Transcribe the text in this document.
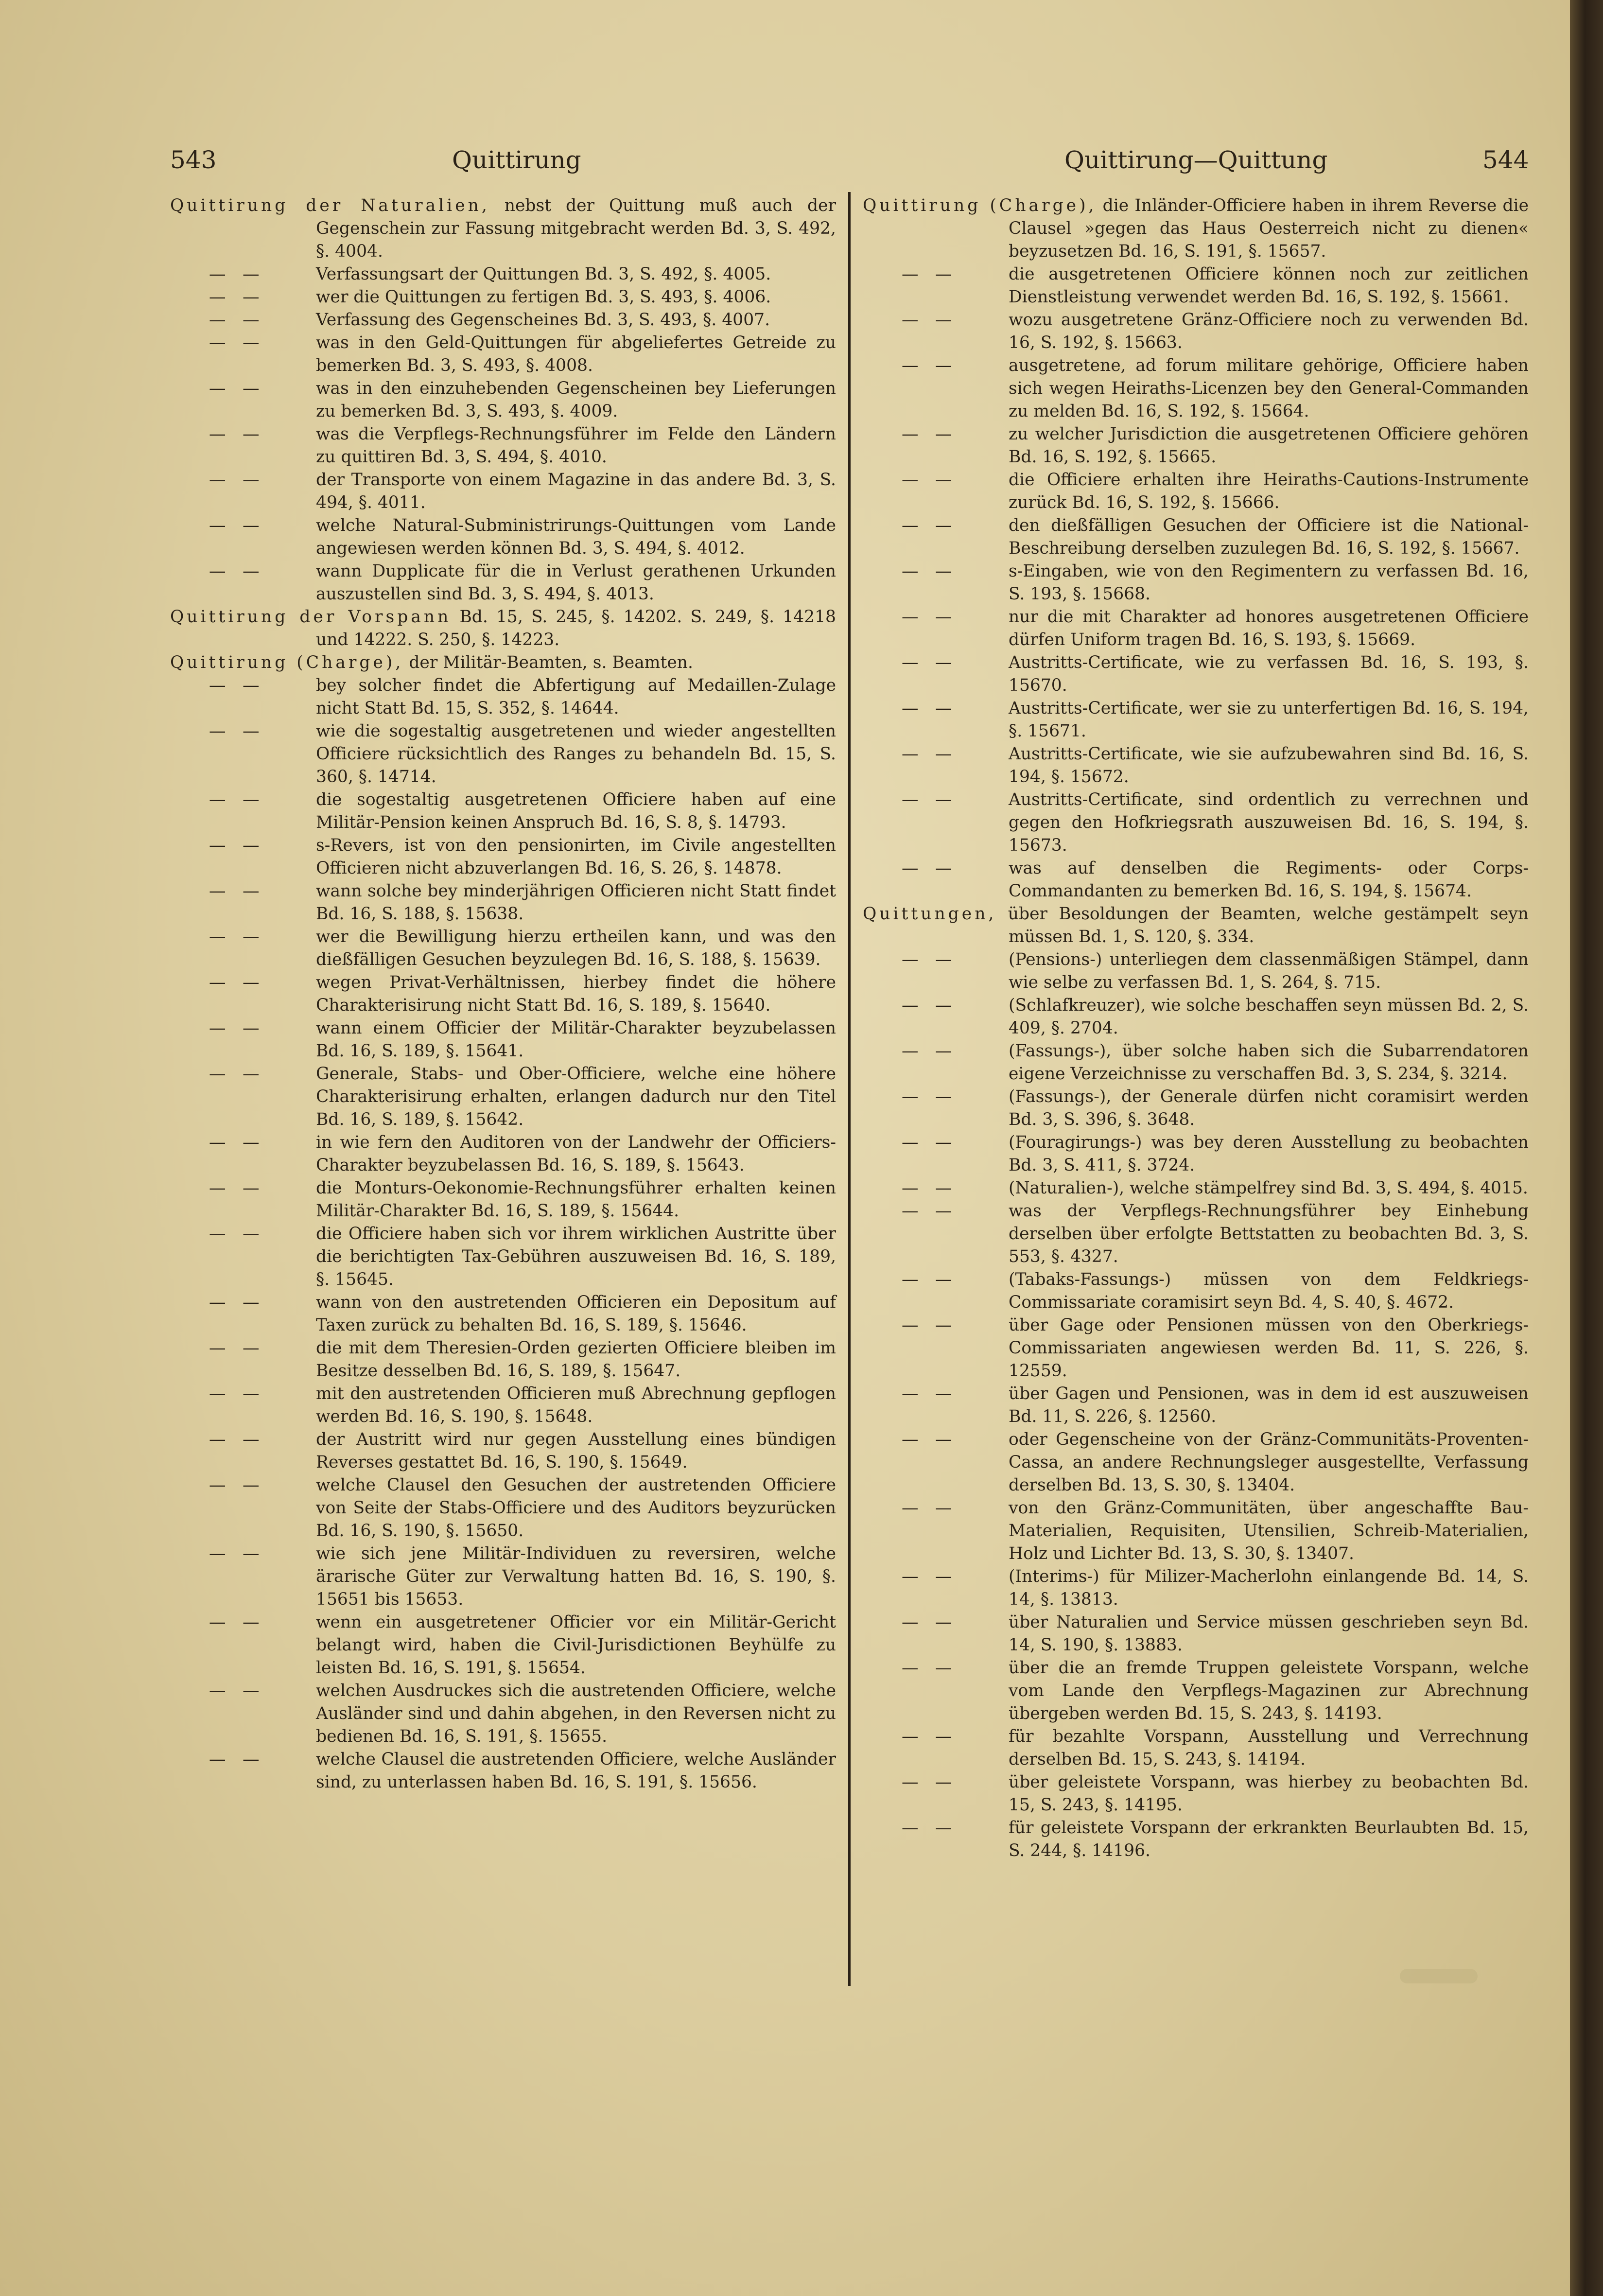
543	Quittirung	Quittirung—Quittung	544

Quittirung der Naturalien, nebst der Quittung muß auch der Gegenschein zur Fassung mitgebracht werden Bd. 3, S. 492, §. 4004.

— — Verfassungsart der Quittungen Bd. 3, S. 492, §. 4005.

— — wer die Quittungen zu fertigen Bd. 3, S. 493, §. 4006.

— — Verfassung des Gegenscheines Bd. 3, S. 493, §. 4007.

— — was in den Geld-Quittungen für abgeliefertes Getreide zu bemerken Bd. 3, S. 493, §. 4008.

— — was in den einzuhebenden Gegenscheinen bey Lieferungen zu bemerken Bd. 3, S. 493, §. 4009.

— — was die Verpflegs-Rechnungsführer im Felde den Ländern zu quittiren Bd. 3, S. 494, §. 4010.

— — der Transporte von einem Magazine in das andere Bd. 3, S. 494, §. 4011.

— — welche Natural-Subministrirungs-Quittungen vom Lande angewiesen werden können Bd. 3, S. 494, §. 4012.

— — wann Dupplicate für die in Verlust gerathenen Urkunden auszustellen sind Bd. 3, S. 494, §. 4013.

Quittirung der Vorspann Bd. 15, S. 245, §. 14202. S. 249, §. 14218 und 14222. S. 250, §. 14223.

Quittirung (Charge), der Militär-Beamten, s. Beamten.

— — bey solcher findet die Abfertigung auf Medaillen-Zulage nicht Statt Bd. 15, S. 352, §. 14644.

— — wie die sogestaltig ausgetretenen und wieder angestellten Officiere rücksichtlich des Ranges zu behandeln Bd. 15, S. 360, §. 14714.

— — die sogestaltig ausgetretenen Officiere haben auf eine Militär-Pension keinen Anspruch Bd. 16, S. 8, §. 14793.

— — s-Revers, ist von den pensionirten, im Civile angestellten Officieren nicht abzuverlangen Bd. 16, S. 26, §. 14878.

— — wann solche bey minderjährigen Officieren nicht Statt findet Bd. 16, S. 188, §. 15638.

— — wer die Bewilligung hierzu ertheilen kann, und was den dießfälligen Gesuchen beyzulegen Bd. 16, S. 188, §. 15639.

— — wegen Privat-Verhältnissen, hierbey findet die höhere Charakterisirung nicht Statt Bd. 16, S. 189, §. 15640.

— — wann einem Officier der Militär-Charakter beyzubelassen Bd. 16, S. 189, §. 15641.

— — Generale, Stabs- und Ober-Officiere, welche eine höhere Charakterisirung erhalten, erlangen dadurch nur den Titel Bd. 16, S. 189, §. 15642.

— — in wie fern den Auditoren von der Landwehr der Officiers-Charakter beyzubelassen Bd. 16, S. 189, §. 15643.

— — die Monturs-Oekonomie-Rechnungsführer erhalten keinen Militär-Charakter Bd. 16, S. 189, §. 15644.

— — die Officiere haben sich vor ihrem wirklichen Austritte über die berichtigten Tax-Gebühren auszuweisen Bd. 16, S. 189, §. 15645.

— — wann von den austretenden Officieren ein Depositum auf Taxen zurück zu behalten Bd. 16, S. 189, §. 15646.

— — die mit dem Theresien-Orden gezierten Officiere bleiben im Besitze desselben Bd. 16, S. 189, §. 15647.

— — mit den austretenden Officieren muß Abrechnung gepflogen werden Bd. 16, S. 190, §. 15648.

— — der Austritt wird nur gegen Ausstellung eines bündigen Reverses gestattet Bd. 16, S. 190, §. 15649.

— — welche Clausel den Gesuchen der austretenden Officiere von Seite der Stabs-Officiere und des Auditors beyzurücken Bd. 16, S. 190, §. 15650.

— — wie sich jene Militär-Individuen zu reversiren, welche ärarische Güter zur Verwaltung hatten Bd. 16, S. 190, §. 15651 bis 15653.

— — wenn ein ausgetretener Officier vor ein Militär-Gericht belangt wird, haben die Civil-Jurisdictionen Beyhülfe zu leisten Bd. 16, S. 191, §. 15654.

— — welchen Ausdruckes sich die austretenden Officiere, welche Ausländer sind und dahin abgehen, in den Reversen nicht zu bedienen Bd. 16, S. 191, §. 15655.

— — welche Clausel die austretenden Officiere, welche Ausländer sind, zu unterlassen haben Bd. 16, S. 191, §. 15656.

Quittirung (Charge), die Inländer-Officiere haben in ihrem Reverse die Clausel »gegen das Haus Oesterreich nicht zu dienen« beyzusetzen Bd. 16, S. 191, §. 15657.

— — die ausgetretenen Officiere können noch zur zeitlichen Dienstleistung verwendet werden Bd. 16, S. 192, §. 15661.

— — wozu ausgetretene Gränz-Officiere noch zu verwenden Bd. 16, S. 192, §. 15663.

— — ausgetretene, ad forum militare gehörige, Officiere haben sich wegen Heiraths-Licenzen bey den General-Commanden zu melden Bd. 16, S. 192, §. 15664.

— — zu welcher Jurisdiction die ausgetretenen Officiere gehören Bd. 16, S. 192, §. 15665.

— — die Officiere erhalten ihre Heiraths-Cautions-Instrumente zurück Bd. 16, S. 192, §. 15666.

— — den dießfälligen Gesuchen der Officiere ist die National-Beschreibung derselben zuzulegen Bd. 16, S. 192, §. 15667.

— — s-Eingaben, wie von den Regimentern zu verfassen Bd. 16, S. 193, §. 15668.

— — nur die mit Charakter ad honores ausgetretenen Officiere dürfen Uniform tragen Bd. 16, S. 193, §. 15669.

— — Austritts-Certificate, wie zu verfassen Bd. 16, S. 193, §. 15670.

— — Austritts-Certificate, wer sie zu unterfertigen Bd. 16, S. 194, §. 15671.

— — Austritts-Certificate, wie sie aufzubewahren sind Bd. 16, S. 194, §. 15672.

— — Austritts-Certificate, sind ordentlich zu verrechnen und gegen den Hofkriegsrath auszuweisen Bd. 16, S. 194, §. 15673.

— — was auf denselben die Regiments- oder Corps-Commandanten zu bemerken Bd. 16, S. 194, §. 15674.

Quittungen, über Besoldungen der Beamten, welche gestämpelt seyn müssen Bd. 1, S. 120, §. 334.

— — (Pensions-) unterliegen dem classenmäßigen Stämpel, dann wie selbe zu verfassen Bd. 1, S. 264, §. 715.

— — (Schlafkreuzer), wie solche beschaffen seyn müssen Bd. 2, S. 409, §. 2704.

— — (Fassungs-), über solche haben sich die Subarrendatoren eigene Verzeichnisse zu verschaffen Bd. 3, S. 234, §. 3214.

— — (Fassungs-), der Generale dürfen nicht coramisirt werden Bd. 3, S. 396, §. 3648.

— — (Fouragirungs-) was bey deren Ausstellung zu beobachten Bd. 3, S. 411, §. 3724.

— — (Naturalien-), welche stämpelfrey sind Bd. 3, S. 494, §. 4015.

— — was der Verpflegs-Rechnungsführer bey Einhebung derselben über erfolgte Bettstatten zu beobachten Bd. 3, S. 553, §. 4327.

— — (Tabaks-Fassungs-) müssen von dem Feldkriegs-Commissariate coramisirt seyn Bd. 4, S. 40, §. 4672.

— — über Gage oder Pensionen müssen von den Oberkriegs-Commissariaten angewiesen werden Bd. 11, S. 226, §. 12559.

— — über Gagen und Pensionen, was in dem id est auszuweisen Bd. 11, S. 226, §. 12560.

— — oder Gegenscheine von der Gränz-Communitäts-Proventen-Cassa, an andere Rechnungsleger ausgestellte, Verfassung derselben Bd. 13, S. 30, §. 13404.

— — von den Gränz-Communitäten, über angeschaffte Bau-Materialien, Requisiten, Utensilien, Schreib-Materialien, Holz und Lichter Bd. 13, S. 30, §. 13407.

— — (Interims-) für Milizer-Macherlohn einlangende Bd. 14, S. 14, §. 13813.

— — über Naturalien und Service müssen geschrieben seyn Bd. 14, S. 190, §. 13883.

— — über die an fremde Truppen geleistete Vorspann, welche vom Lande den Verpflegs-Magazinen zur Abrechnung übergeben werden Bd. 15, S. 243, §. 14193.

— — für bezahlte Vorspann, Ausstellung und Verrechnung derselben Bd. 15, S. 243, §. 14194.

— — über geleistete Vorspann, was hierbey zu beobachten Bd. 15, S. 243, §. 14195.

— — für geleistete Vorspann der erkrankten Beurlaubten Bd. 15, S. 244, §. 14196.
